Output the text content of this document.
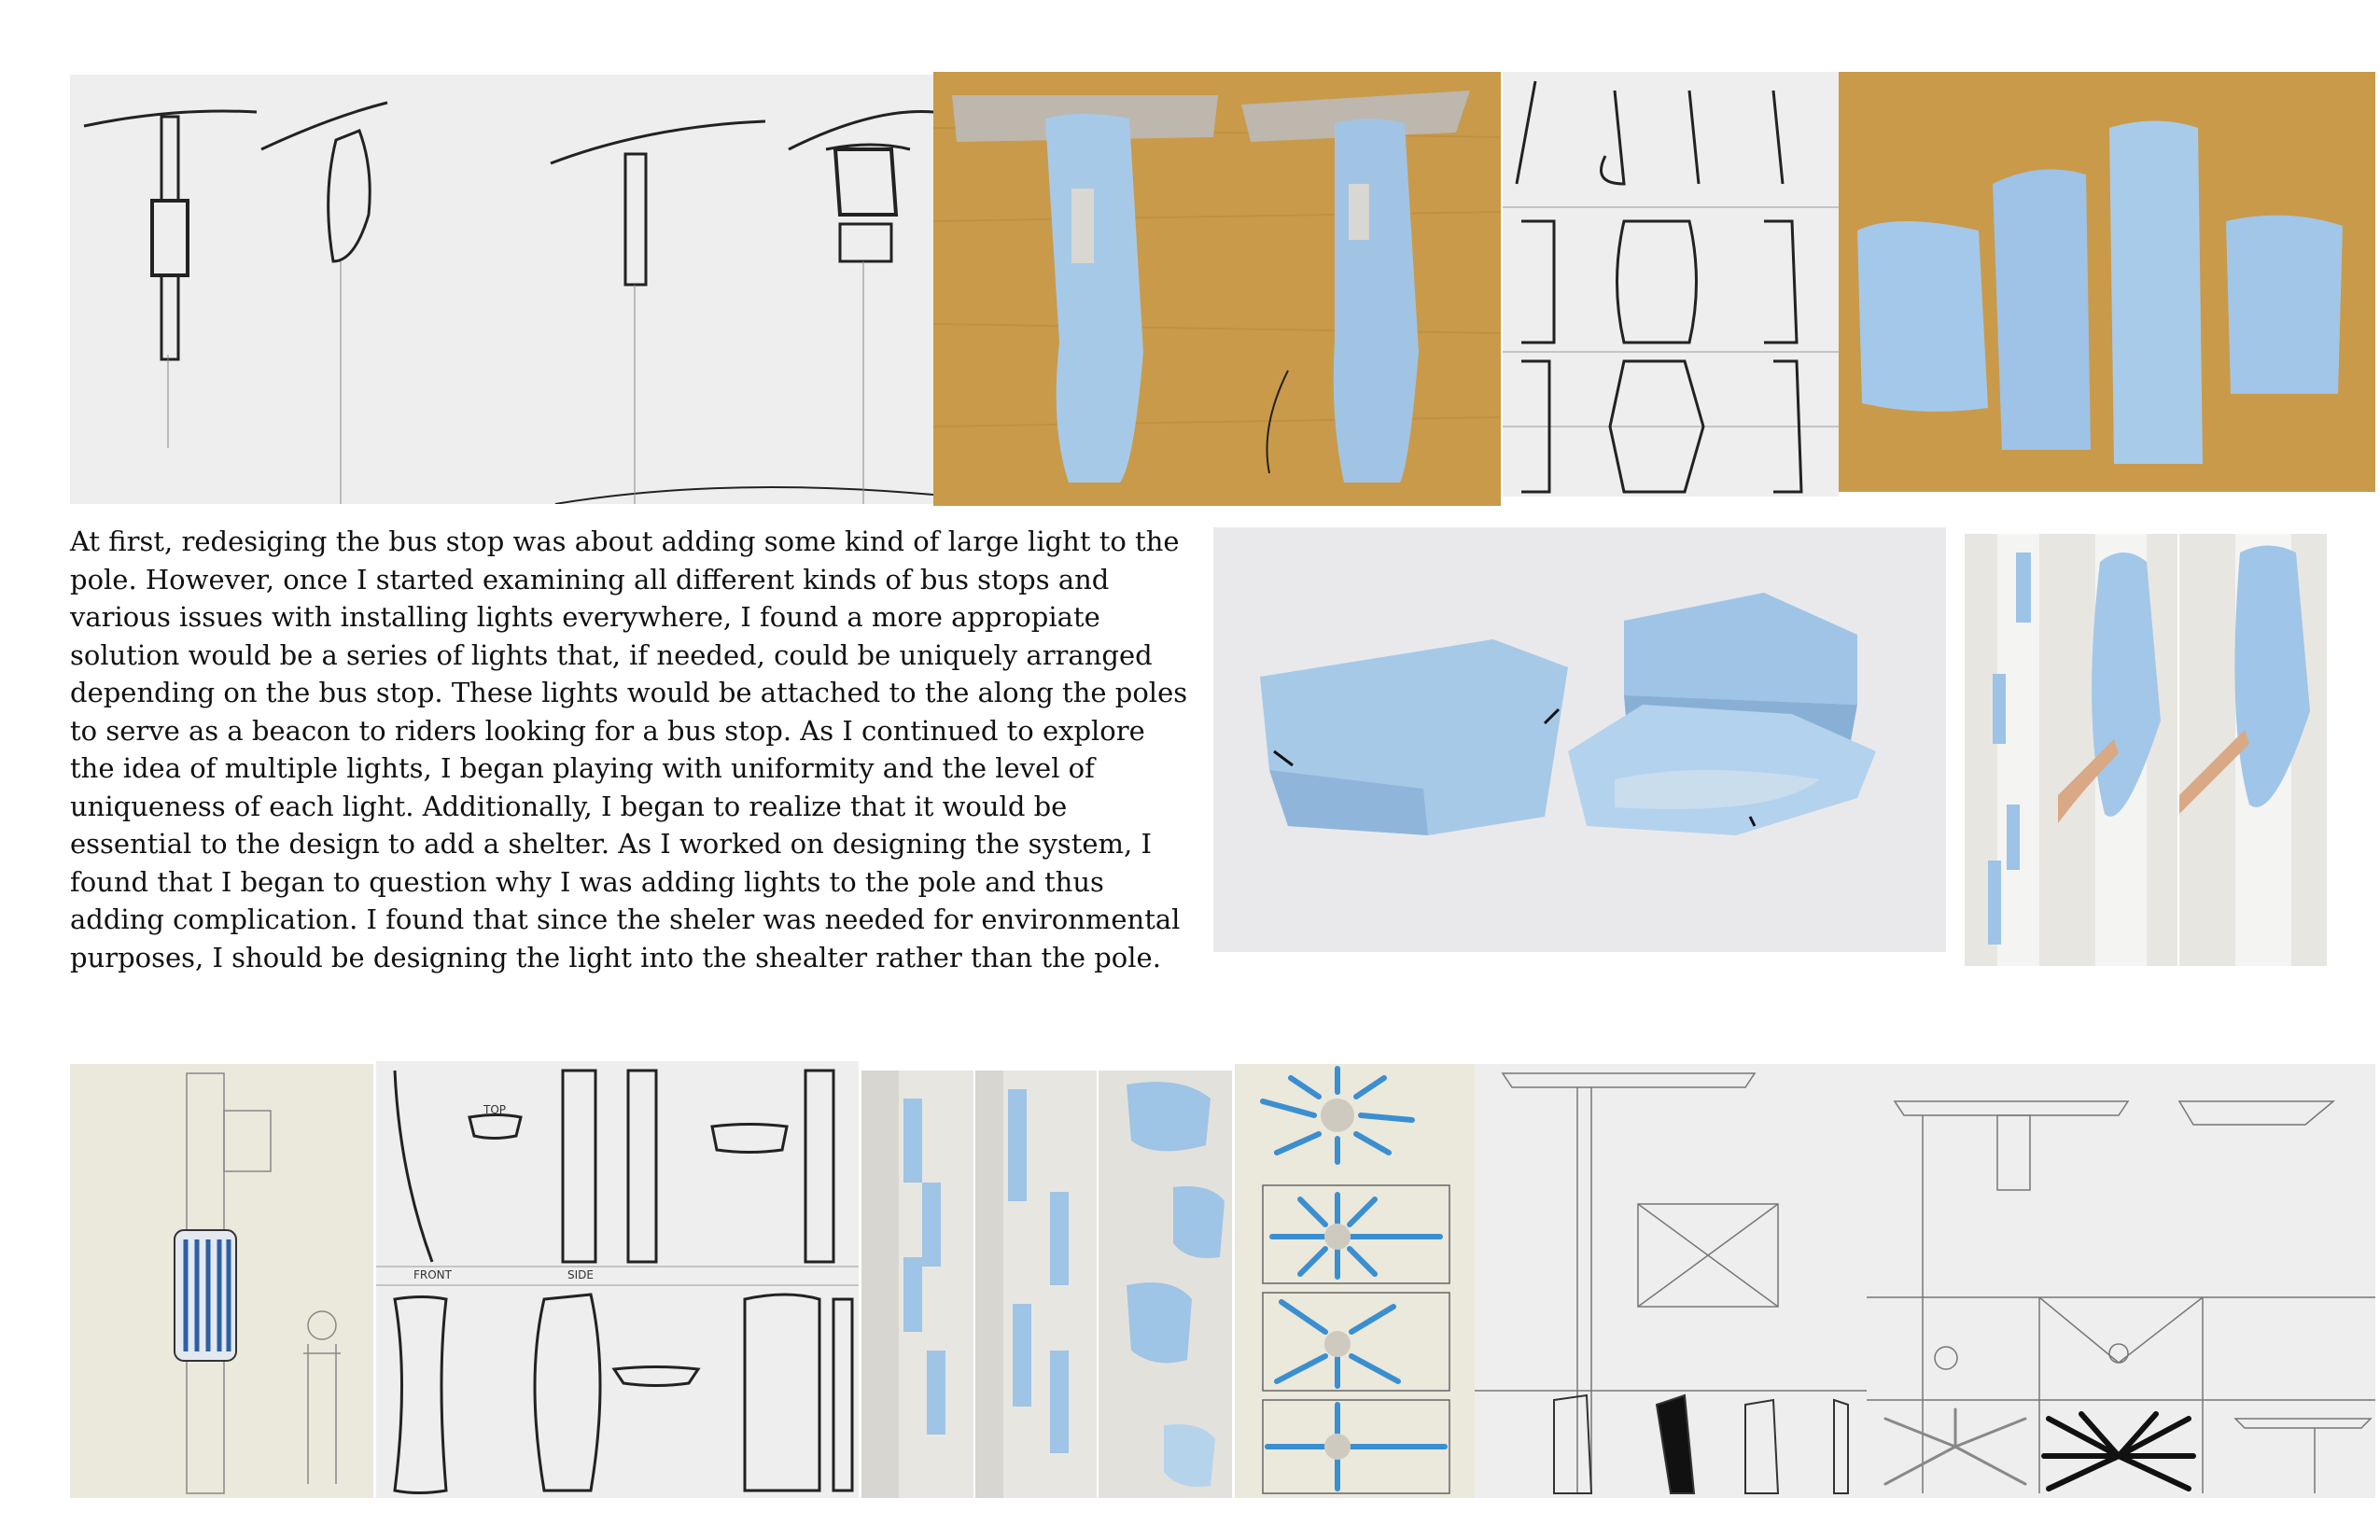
At first, redesiging the bus stop was about adding some kind of large light to the pole. However, once I started examining all different kinds of bus stops and various issues with installing lights everywhere, I found a more appropiate solution would be a series of lights that, if needed, could be uniquely arranged depending on the bus stop. These lights would be attached to the along the poles to serve as a beacon to riders looking for a bus stop. As I continued to explore the idea of multiple lights, I began playing with uniformity and the level of uniqueness of each light. Additionally, I began to realize that it would be essential to the design to add a shelter. As I worked on designing the system, I found that I began to question why I was adding lights to the pole and thus adding complication. I found that since the sheler was needed for environmental purposes, I should be designing the light into the shealter rather than the pole.

TOP
FRONT	SIDE
